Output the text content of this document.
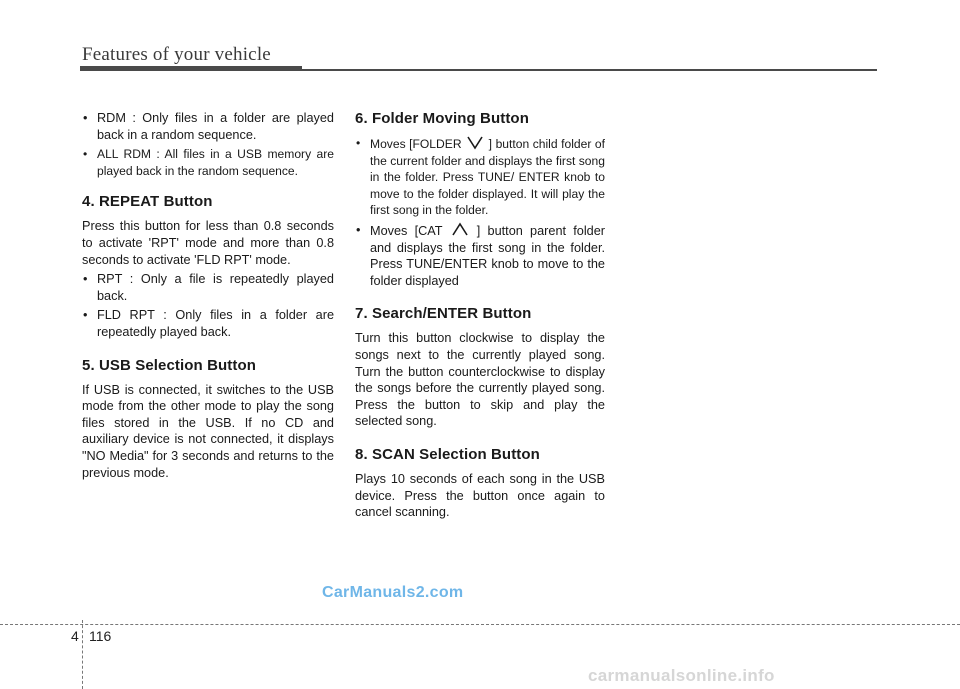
Features of your vehicle
• RDM : Only files in a folder are played back in a random sequence.
• ALL RDM : All files in a USB memory are played back in the random sequence.
4. REPEAT Button
Press this button for less than 0.8 seconds to activate 'RPT' mode and more than 0.8 seconds to activate 'FLD RPT' mode.
• RPT : Only a file is repeatedly played back.
• FLD RPT : Only files in a folder are repeatedly played back.
5. USB Selection Button
If USB is connected, it switches to the USB mode from the other mode to play the song files stored in the USB. If no CD and auxiliary device is not connected, it displays "NO Media" for 3 seconds and returns to the previous mode.
6. Folder Moving Button
• Moves [FOLDER ] button child folder of the current folder and displays the first song in the folder. Press TUNE/ ENTER knob to move to the folder displayed. It will play the first song in the folder.
• Moves [CAT	] button parent folder and displays the first song in the folder. Press TUNE/ENTER knob to move to the folder displayed
7. Search/ENTER Button
Turn this button clockwise to display the songs next to the currently played song. Turn the button counterclockwise to display the songs before the currently played song. Press the button to skip and play the selected song.
8. SCAN Selection Button
Plays 10 seconds of each song in the USB device. Press the button once again to cancel scanning.
CarManuals2.com
4 116
carmanualsonline.info
